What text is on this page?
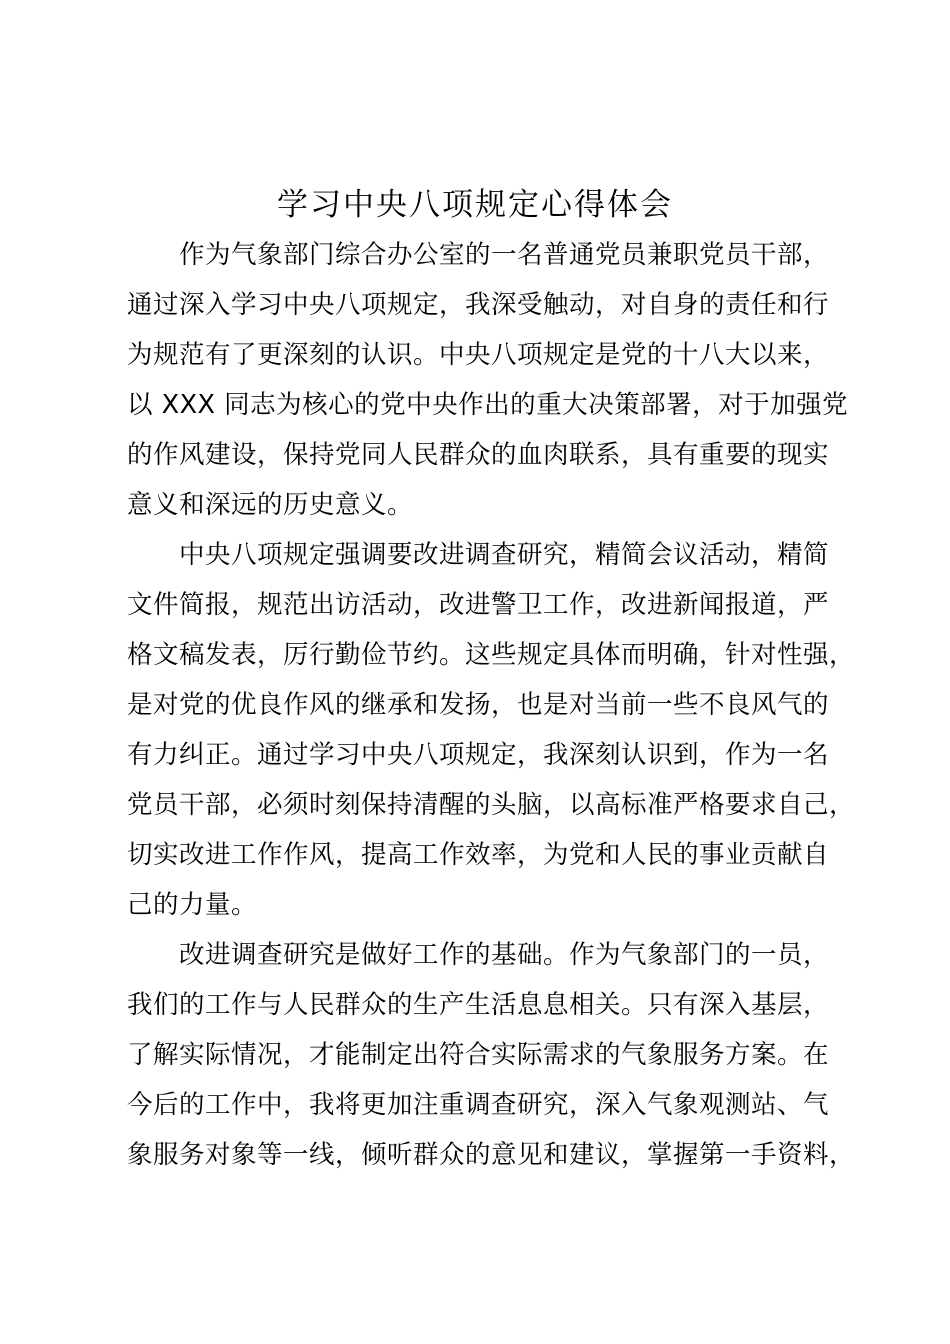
学习中央八项规定心得体会

作为气象部门综合办公室的一名普通党员兼职党员干部，
通过深入学习中央八项规定，我深受触动，对自身的责任和行
为规范有了更深刻的认识。中央八项规定是党的十八大以来，
以 XXX 同志为核心的党中央作出的重大决策部署，对于加强党
的作风建设，保持党同人民群众的血肉联系，具有重要的现实
意义和深远的历史意义。

中央八项规定强调要改进调查研究，精简会议活动，精简
文件简报，规范出访活动，改进警卫工作，改进新闻报道，严
格文稿发表，厉行勤俭节约。这些规定具体而明确，针对性强，
是对党的优良作风的继承和发扬，也是对当前一些不良风气的
有力纠正。通过学习中央八项规定，我深刻认识到，作为一名
党员干部，必须时刻保持清醒的头脑，以高标准严格要求自己，
切实改进工作作风，提高工作效率，为党和人民的事业贡献自
己的力量。

改进调查研究是做好工作的基础。作为气象部门的一员，
我们的工作与人民群众的生产生活息息相关。只有深入基层，
了解实际情况，才能制定出符合实际需求的气象服务方案。在
今后的工作中，我将更加注重调查研究，深入气象观测站、气
象服务对象等一线，倾听群众的意见和建议，掌握第一手资料，
